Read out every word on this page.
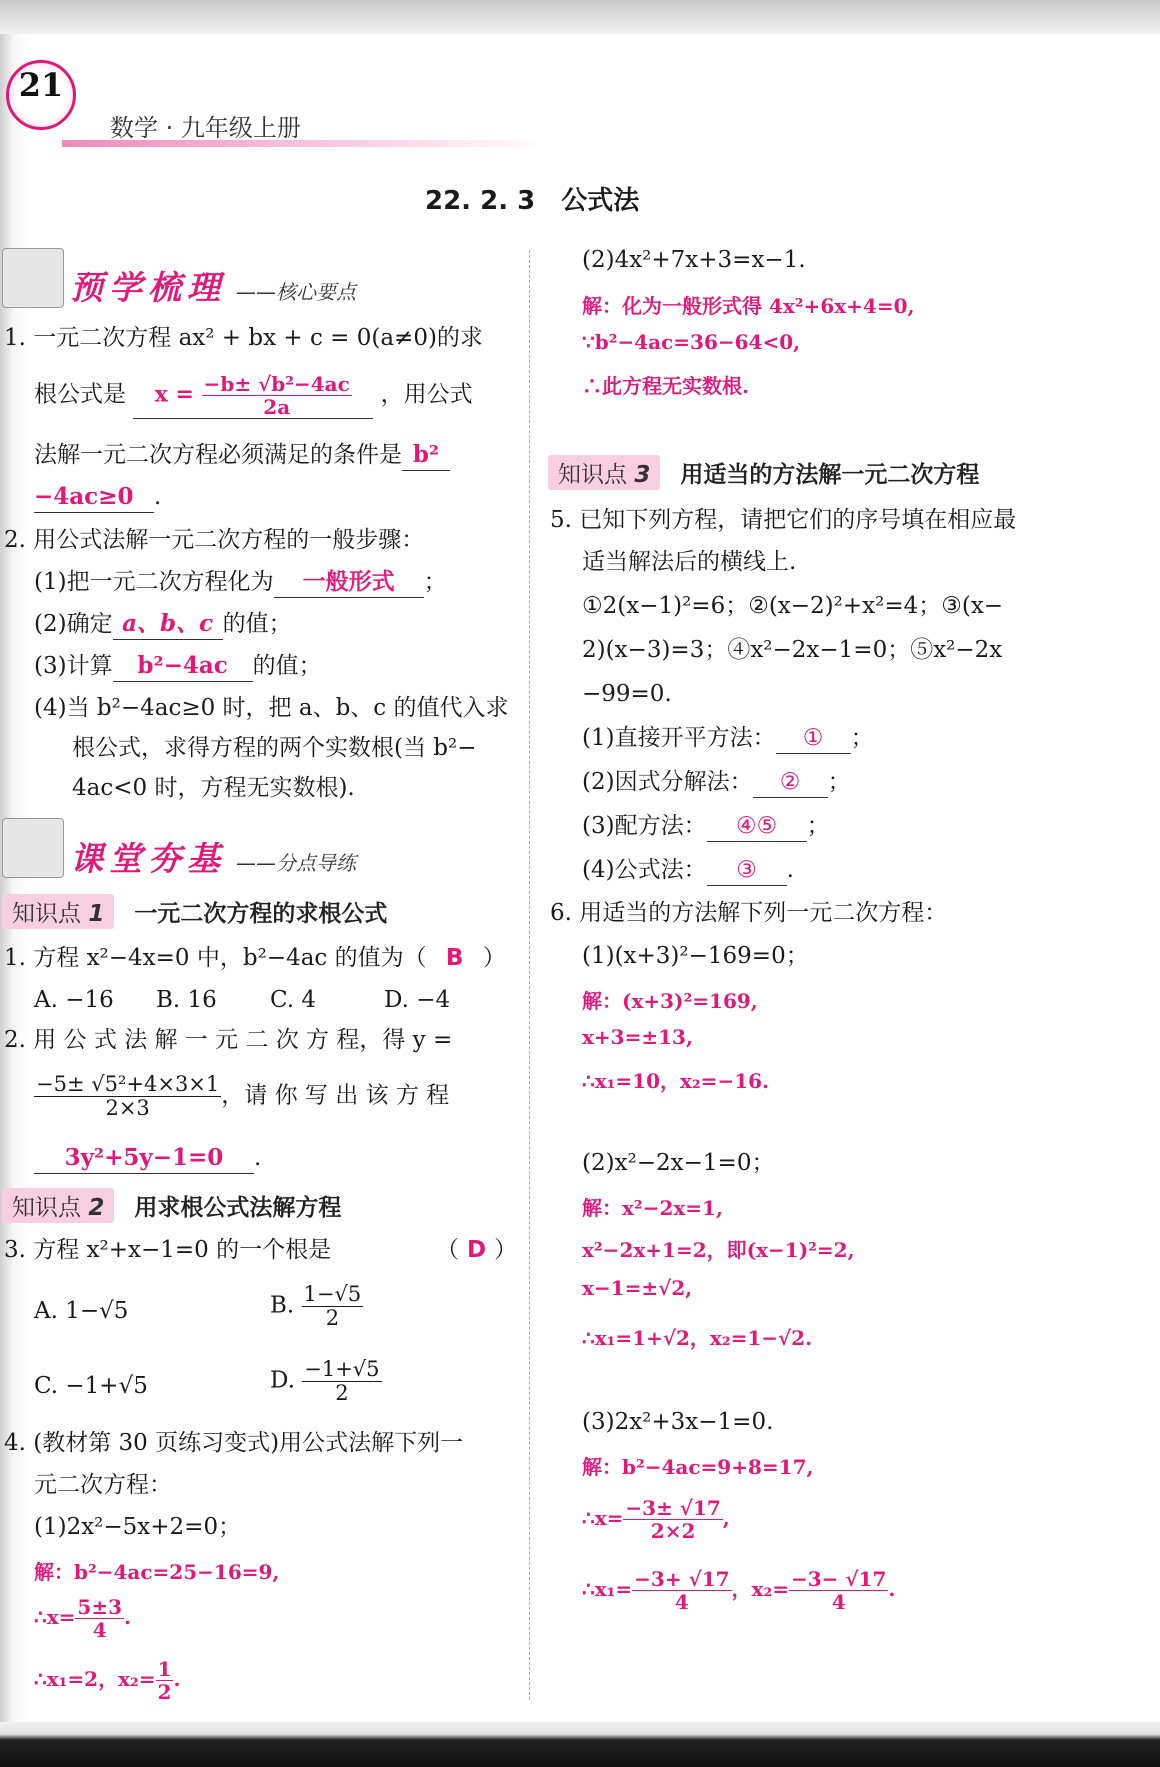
21
数学 · 九年级上册
22. 2. 3　公式法
预学梳理 ——核心要点
1. 一元二次方程 ax² + bx + c = 0(a≠0)的求
根公式是 $x = \frac{\text{−b± √b²−4ac}}{2a}$ ，用公式
法解一元二次方程必须满足的条件是 b²
−4ac≥0 .
2. 用公式法解一元二次方程的一般步骤：
(1)把一元二次方程化为 一般形式 ；
(2)确定 a、b、c 的值；
(3)计算 b²−4ac 的值；
(4)当 b²−4ac≥0 时，把 a、b、c 的值代入求
根公式，求得方程的两个实数根(当 b²−
4ac<0 时，方程无实数根).
课堂夯基 ——分点导练
知识点 1 一元二次方程的求根公式
1. 方程 x²−4x=0 中，b²−4ac 的值为（ B ）
A. −16 B. 16 C. 4	D. −4
2. 用 公 式 法 解 一 元 二 次 方 程，得 y =
$\frac{\text{−5± √5²+4×3×1}}{2\times 3}$ ，请 你 写 出 该 方 程
3y²+5y−1=0 .
知识点 2 用求根公式法解方程
3. 方程 x²+x−1=0 的一个根是	（ D ）
A. 1−√5	B. $\frac{1-√5}{2}$
C. −1+√5	D. $\frac{-1+√5}{2}$
4. (教材第 30 页练习变式)用公式法解下列一
元二次方程：
(1)2x²−5x+2=0；
解：b²−4ac=25−16=9,
∴x= $\frac{5\pm 3}{4}$ .
∴x₁=2，$x_2= \frac{1}{2}$ .
(2)4x²+7x+3=x−1.
解：化为一般形式得 4x²+6x+4=0,
∵b²−4ac=36−64<0,
∴此方程无实数根.
知识点 3 用适当的方法解一元二次方程
5. 已知下列方程，请把它们的序号填在相应最
适当解法后的横线上.
①2(x−1)²=6；②(x−2)²+x²=4；③(x−
2)(x−3)=3；④x²−2x−1=0；⑤x²−2x
−99=0.
(1)直接开平方法： ① ；
(2)因式分解法： ② ；
(3)配方法： ④⑤ ；
(4)公式法： ③ .
6. 用适当的方法解下列一元二次方程：
(1)(x+3)²−169=0；
解：(x+3)²=169,
x+3=±13,
∴x₁=10，x₂=−16.
(2)x²−2x−1=0；
解：x²−2x=1,
x²−2x+1=2，即(x−1)²=2,
x−1=±√2,
∴x₁=1+√2，x₂=1−√2.
(3)2x²+3x−1=0.
解：b²−4ac=9+8=17,
∴x= $\frac{-3\pm √17}{2\times 2}$ ,
∴x₁= $\frac{-3+ √17}{4}$ ，$x_2= \frac{-3- √17}{4}$ .
